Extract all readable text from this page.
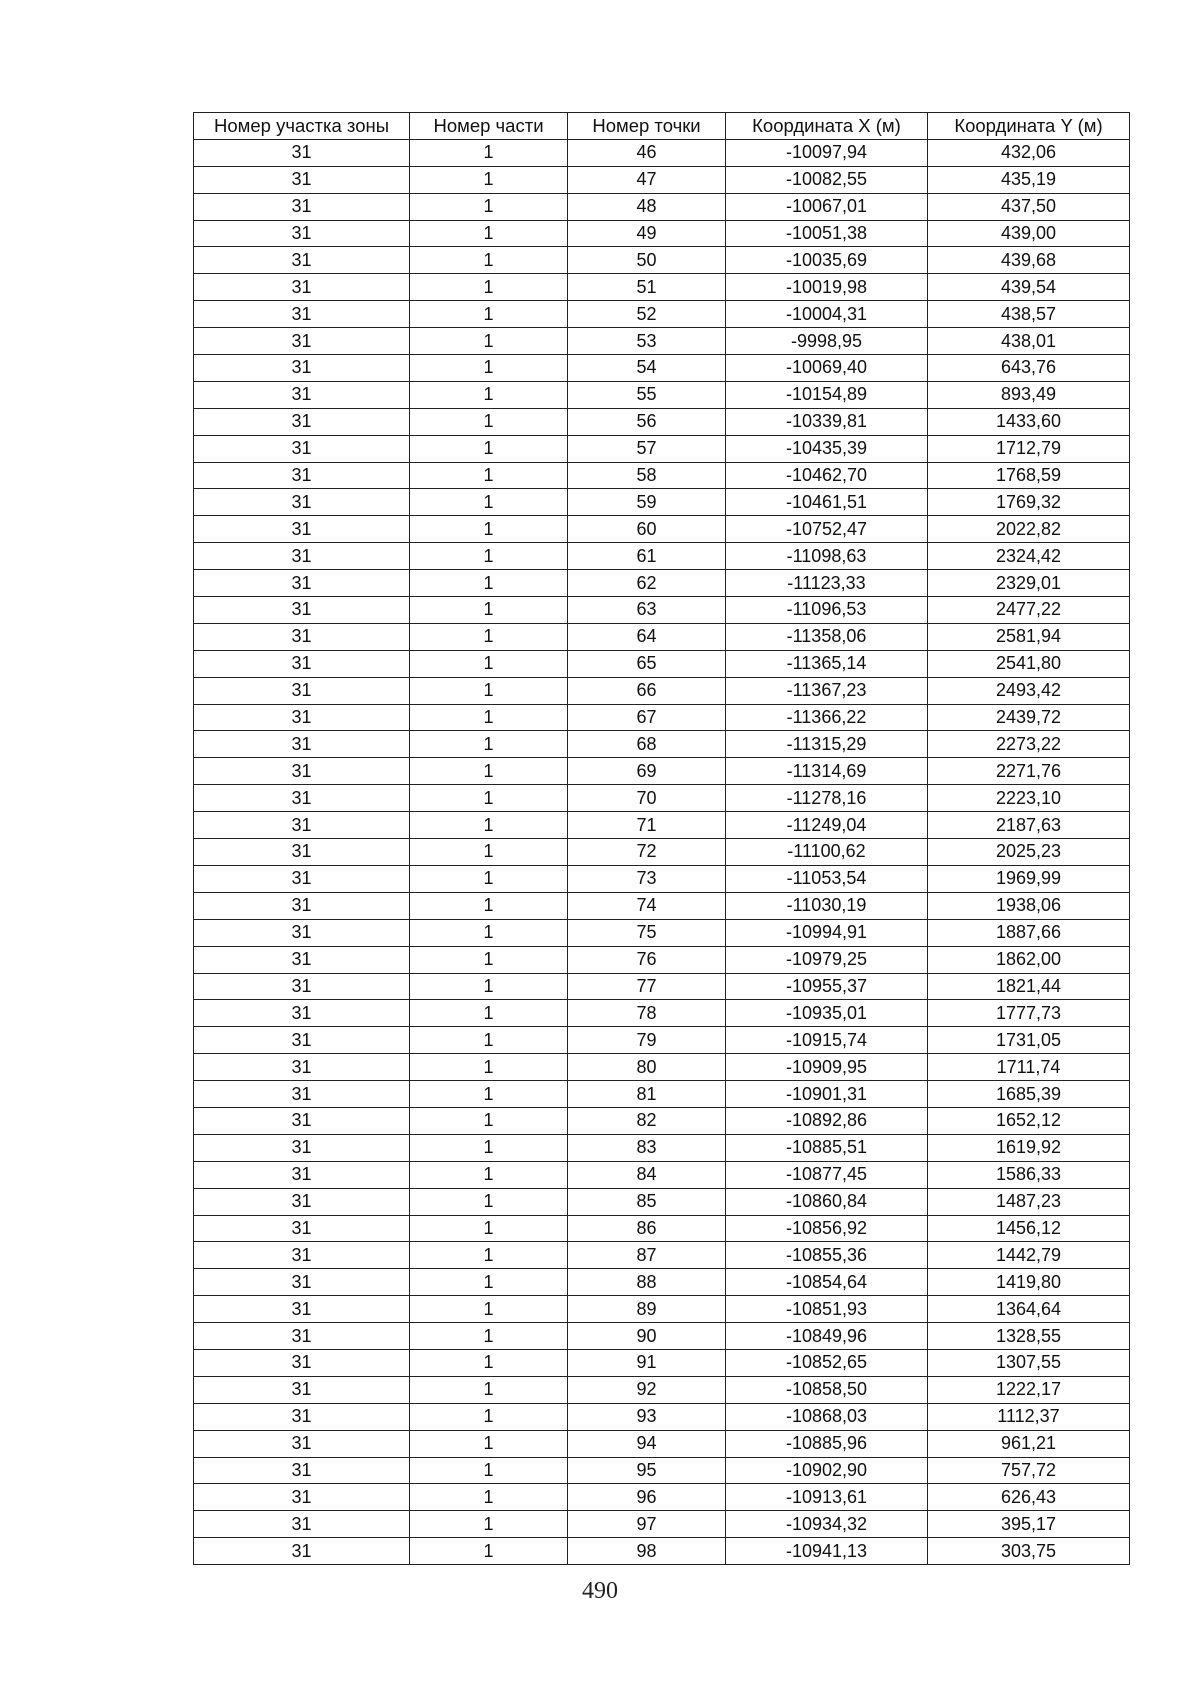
Номер участка зоны	Номер части	Номер точки	Координата X (м)	Координата Y (м)
31	1	46	-10097,94	432,06
31	1	47	-10082,55	435,19
31	1	48	-10067,01	437,50
31	1	49	-10051,38	439,00
31	1	50	-10035,69	439,68
31	1	51	-10019,98	439,54
31	1	52	-10004,31	438,57
31	1	53	-9998,95	438,01
31	1	54	-10069,40	643,76
31	1	55	-10154,89	893,49
31	1	56	-10339,81	1433,60
31	1	57	-10435,39	1712,79
31	1	58	-10462,70	1768,59
31	1	59	-10461,51	1769,32
31	1	60	-10752,47	2022,82
31	1	61	-11098,63	2324,42
31	1	62	-11123,33	2329,01
31	1	63	-11096,53	2477,22
31	1	64	-11358,06	2581,94
31	1	65	-11365,14	2541,80
31	1	66	-11367,23	2493,42
31	1	67	-11366,22	2439,72
31	1	68	-11315,29	2273,22
31	1	69	-11314,69	2271,76
31	1	70	-11278,16	2223,10
31	1	71	-11249,04	2187,63
31	1	72	-11100,62	2025,23
31	1	73	-11053,54	1969,99
31	1	74	-11030,19	1938,06
31	1	75	-10994,91	1887,66
31	1	76	-10979,25	1862,00
31	1	77	-10955,37	1821,44
31	1	78	-10935,01	1777,73
31	1	79	-10915,74	1731,05
31	1	80	-10909,95	1711,74
31	1	81	-10901,31	1685,39
31	1	82	-10892,86	1652,12
31	1	83	-10885,51	1619,92
31	1	84	-10877,45	1586,33
31	1	85	-10860,84	1487,23
31	1	86	-10856,92	1456,12
31	1	87	-10855,36	1442,79
31	1	88	-10854,64	1419,80
31	1	89	-10851,93	1364,64
31	1	90	-10849,96	1328,55
31	1	91	-10852,65	1307,55
31	1	92	-10858,50	1222,17
31	1	93	-10868,03	1112,37
31	1	94	-10885,96	961,21
31	1	95	-10902,90	757,72
31	1	96	-10913,61	626,43
31	1	97	-10934,32	395,17
31	1	98	-10941,13	303,75
490
